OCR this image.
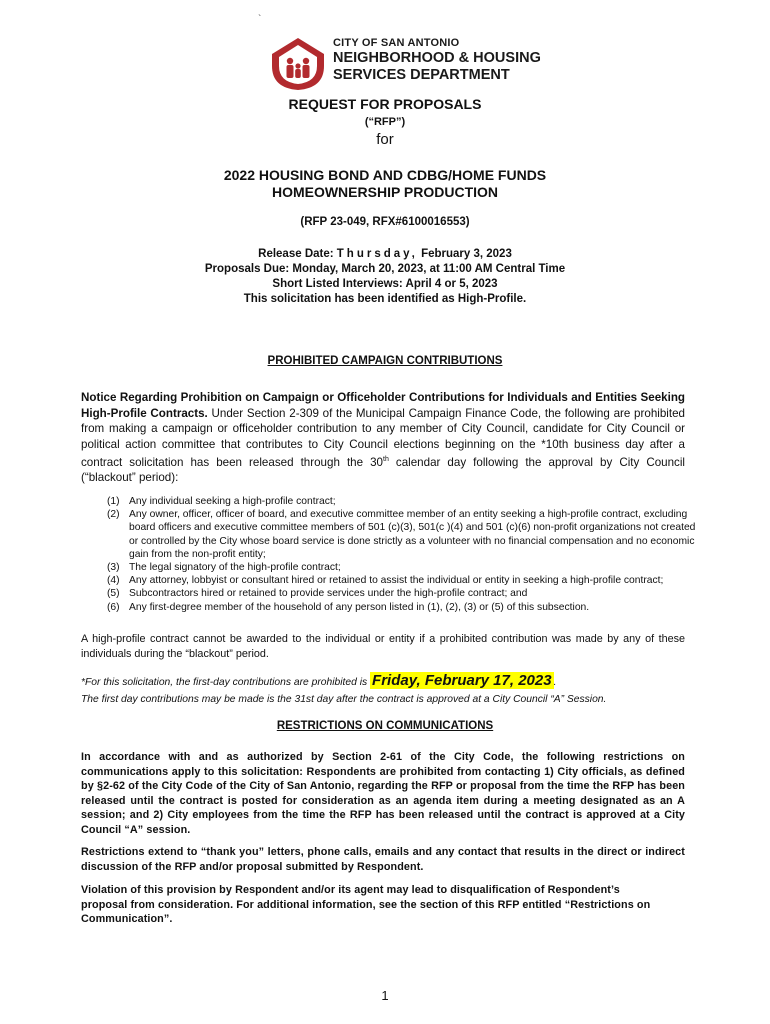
`
CITY OF SAN ANTONIO
NEIGHBORHOOD & HOUSING
SERVICES DEPARTMENT
REQUEST FOR PROPOSALS
(“RFP”)
for
2022 HOUSING BOND AND CDBG/HOME FUNDS
HOMEOWNERSHIP PRODUCTION
(RFP 23-049, RFX#6100016553)
Release Date: Thursday, February 3, 2023
Proposals Due: Monday, March 20, 2023, at 11:00 AM Central Time
Short Listed Interviews: April 4 or 5, 2023
This solicitation has been identified as High-Profile.
PROHIBITED CAMPAIGN CONTRIBUTIONS
Notice Regarding Prohibition on Campaign or Officeholder Contributions for Individuals and Entities Seeking High-Profile Contracts. Under Section 2-309 of the Municipal Campaign Finance Code, the following are prohibited from making a campaign or officeholder contribution to any member of City Council, candidate for City Council or political action committee that contributes to City Council elections beginning on the *10th business day after a contract solicitation has been released through the 30th calendar day following the approval by City Council (“blackout” period):
(1) Any individual seeking a high-profile contract;
(2) Any owner, officer, officer of board, and executive committee member of an entity seeking a high-profile contract, excluding board officers and executive committee members of 501 (c)(3), 501(c )(4) and 501 (c)(6) non-profit organizations not created or controlled by the City whose board service is done strictly as a volunteer with no financial compensation and no economic gain from the non-profit entity;
(3) The legal signatory of the high-profile contract;
(4) Any attorney, lobbyist or consultant hired or retained to assist the individual or entity in seeking a high-profile contract;
(5) Subcontractors hired or retained to provide services under the high-profile contract; and
(6) Any first-degree member of the household of any person listed in (1), (2), (3) or (5) of this subsection.
A high-profile contract cannot be awarded to the individual or entity if a prohibited contribution was made by any of these individuals during the “blackout” period.
*For this solicitation, the first-day contributions are prohibited is Friday, February 17, 2023 .
The first day contributions may be made is the 31st day after the contract is approved at a City Council “A” Session.
RESTRICTIONS ON COMMUNICATIONS
In accordance with and as authorized by Section 2-61 of the City Code, the following restrictions on communications apply to this solicitation: Respondents are prohibited from contacting 1) City officials, as defined by §2-62 of the City Code of the City of San Antonio, regarding the RFP or proposal from the time the RFP has been released until the contract is posted for consideration as an agenda item during a meeting designated as an A session; and 2) City employees from the time the RFP has been released until the contract is approved at a City Council “A” session.
Restrictions extend to “thank you” letters, phone calls, emails and any contact that results in the direct or indirect discussion of the RFP and/or proposal submitted by Respondent.
Violation of this provision by Respondent and/or its agent may lead to disqualification of Respondent’s proposal from consideration. For additional information, see the section of this RFP entitled “Restrictions on Communication”.
1
